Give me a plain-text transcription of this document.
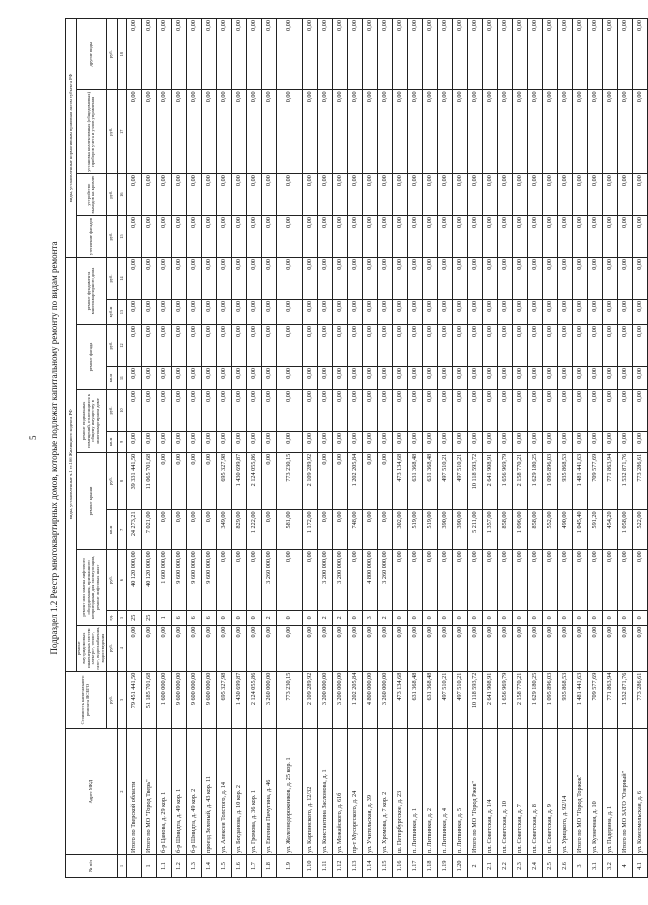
5 Подраздел 1.2 Реестр многоквартирных домов, которые подлежат капитальному ремонту по видам ремонта
№ п/п	Адрес МКД	Стоимость капитального ремонта ВСЕГО	виды, установленные ч.1 ст.166 Жилищного кодекса РФ											виды, установленные нормативным правовым актом субъекта РФ			
			ремонт внутридомовых инженерных систем электро-, тепло-, газо-, водоснабжения, водоотведения	ремонт или замена лифтового оборудования, признанного непригодным для эксплуатации, ремонт лифтовых шахт		ремонт крыши		ремонт подвальных помещений, относящихся к общему имуществу в многоквартирном доме		ремонт фасада		ремонт фундамента многоквартирного дома		утепление фасадов	устройство выходов на кровлю	установка коллективных (общедомовых) приборов учета и узлов управления	другие виды

		руб.	руб.	ед.	руб.	кв.м	руб.	кв.м	руб.	кв.м	руб.	куб.м	руб.	руб.	руб.	руб.	руб.
1	2	3	4	5	6	7	8	9	10	11	12	13	14	15	16	17	18
	Итого по Тверской области	79 451 441,50	0,00	25	40 120 000,00	24 273,21	39 331 441,50	0,00	0,00	0,00	0,00	0,00	0,00	0,00	0,00	0,00	0,00
1	Итого по МО "Город Тверь"	51 185 701,68	0,00	25	40 120 000,00	7 021,00	11 065 701,68	0,00	0,00	0,00	0,00	0,00	0,00	0,00	0,00	0,00	0,00
1.1	б-р Цанова, д. 29 кор. 1	1 600 000,00	0,00	1	1 600 000,00	0,00	0,00	0,00	0,00	0,00	0,00	0,00	0,00	0,00	0,00	0,00	0,00
1.2	б-р Шмидта, д. 49 кор. 1	9 600 000,00	0,00	6	9 600 000,00	0,00	0,00	0,00	0,00	0,00	0,00	0,00	0,00	0,00	0,00	0,00	0,00
1.3	б-р Шмидта, д. 49 кор. 2	9 600 000,00	0,00	6	9 600 000,00	0,00	0,00	0,00	0,00	0,00	0,00	0,00	0,00	0,00	0,00	0,00	0,00
1.4	проезд Зеленый, д. 43 кор. 11	9 600 000,00	0,00	6	9 600 000,00	0,00	0,00	0,00	0,00	0,00	0,00	0,00	0,00	0,00	0,00	0,00	0,00
1.5	ул. Алексея Толстого, д. 14	695 327,98	0,00	0	0,00	349,00	695 327,98	0,00	0,00	0,00	0,00	0,00	0,00	0,00	0,00	0,00	0,00
1.6	ул. Богданова, д. 10 кор. 2	1 430 699,87	0,00	0	0,00	829,00	1 430 699,87	0,00	0,00	0,00	0,00	0,00	0,00	0,00	0,00	0,00	0,00
1.7	ул. Громова, д. 36 кор. 1	2 124 055,86	0,00	0	0,00	1 222,00	2 124 055,86	0,00	0,00	0,00	0,00	0,00	0,00	0,00	0,00	0,00	0,00
1.8	ул. Евгения Пичугина, д. 46	3 260 000,00	0,00	2	3 260 000,00	0,00	0,00	0,00	0,00	0,00	0,00	0,00	0,00	0,00	0,00	0,00	0,00
1.9	ул. Железнодорожников, д. 25 кор. 1	773 230,15	0,00	0	0,00	581,00	773 230,15	0,00	0,00	0,00	0,00	0,00	0,00	0,00	0,00	0,00	0,00
1.10	ул. Карпинского, д. 12/32	2 109 289,92	0,00	0	0,00	1 172,00	2 109 289,92	0,00	0,00	0,00	0,00	0,00	0,00	0,00	0,00	0,00	0,00
1.11	ул. Константина Заслонова, д. 1	3 200 000,00	0,00	2	3 200 000,00	0,00	0,00	0,00	0,00	0,00	0,00	0,00	0,00	0,00	0,00	0,00	0,00
1.12	ул. Можайского, д. 61б	3 200 000,00	0,00	2	3 200 000,00	0,00	0,00	0,00	0,00	0,00	0,00	0,00	0,00	0,00	0,00	0,00	0,00
1.13	пр-т Мусоргского, д. 24	1 202 205,84	0,00	0	0,00	748,00	1 202 205,84	0,00	0,00	0,00	0,00	0,00	0,00	0,00	0,00	0,00	0,00
1.14	ул. Учительская, д. 39	4 800 000,00	0,00	3	4 800 000,00	0,00	0,00	0,00	0,00	0,00	0,00	0,00	0,00	0,00	0,00	0,00	0,00
1.15	ул. Хромова, д. 7 кор. 2	3 260 000,00	0,00	2	3 260 000,00	0,00	0,00	0,00	0,00	0,00	0,00	0,00	0,00	0,00	0,00	0,00	0,00
1.16	ш. Петербургское, д. 23	473 134,68	0,00	0	0,00	302,00	473 134,68	0,00	0,00	0,00	0,00	0,00	0,00	0,00	0,00	0,00	0,00
1.17	п. Литвинки, д. 1	631 368,48	0,00	0	0,00	519,00	631 368,48	0,00	0,00	0,00	0,00	0,00	0,00	0,00	0,00	0,00	0,00
1.18	п. Литвинки, д. 2	631 368,48	0,00	0	0,00	519,00	631 368,48	0,00	0,00	0,00	0,00	0,00	0,00	0,00	0,00	0,00	0,00
1.19	п. Литвинки, д. 4	497 510,21	0,00	0	0,00	390,00	497 510,21	0,00	0,00	0,00	0,00	0,00	0,00	0,00	0,00	0,00	0,00
1.20	п. Литвинки, д. 5	497 510,21	0,00	0	0,00	390,00	497 510,21	0,00	0,00	0,00	0,00	0,00	0,00	0,00	0,00	0,00	0,00
2	Итого по МО "Город Ржев"	10 118 593,72	0,00	0	0,00	5 211,00	10 118 593,72	0,00	0,00	0,00	0,00	0,00	0,00	0,00	0,00	0,00	0,00
2.1	пл. Советская, д. 1/4	2 641 908,91	0,00	0	0,00	1 357,00	2 641 908,91	0,00	0,00	0,00	0,00	0,00	0,00	0,00	0,00	0,00	0,00
2.2	пл. Советская, д. 10	1 656 969,79	0,00	0	0,00	858,00	1 656 969,79	0,00	0,00	0,00	0,00	0,00	0,00	0,00	0,00	0,00	0,00
2.3	пл. Советская, д. 7	2 158 770,21	0,00	0	0,00	1 096,00	2 158 770,21	0,00	0,00	0,00	0,00	0,00	0,00	0,00	0,00	0,00	0,00
2.4	пл. Советская, д. 8	1 629 180,25	0,00	0	0,00	858,00	1 629 180,25	0,00	0,00	0,00	0,00	0,00	0,00	0,00	0,00	0,00	0,00
2.5	пл. Советская, д. 9	1 095 896,03	0,00	0	0,00	552,00	1 095 896,03	0,00	0,00	0,00	0,00	0,00	0,00	0,00	0,00	0,00	0,00
2.6	ул. Урицкого, д. 92/14	935 868,53	0,00	0	0,00	490,00	935 868,53	0,00	0,00	0,00	0,00	0,00	0,00	0,00	0,00	0,00	0,00
3	Итого по МО "Город Торжок"	1 481 441,63	0,00	0	0,00	1 045,40	1 481 441,63	0,00	0,00	0,00	0,00	0,00	0,00	0,00	0,00	0,00	0,00
3.1	ул. Кузнечная, д. 10	709 577,69	0,00	0	0,00	591,20	709 577,69	0,00	0,00	0,00	0,00	0,00	0,00	0,00	0,00	0,00	0,00
3.2	ул. Падерина, д. 1	771 863,94	0,00	0	0,00	454,20	771 863,94	0,00	0,00	0,00	0,00	0,00	0,00	0,00	0,00	0,00	0,00
4	Итого по МО ЗАТО "Озерный"	1 532 871,76	0,00	0	0,00	1 058,00	1 532 871,76	0,00	0,00	0,00	0,00	0,00	0,00	0,00	0,00	0,00	0,00
4.1	ул. Комсомольская, д. 6	773 286,61	0,00	0	0,00	522,00	773 286,61	0,00	0,00	0,00	0,00	0,00	0,00	0,00	0,00	0,00	0,00
